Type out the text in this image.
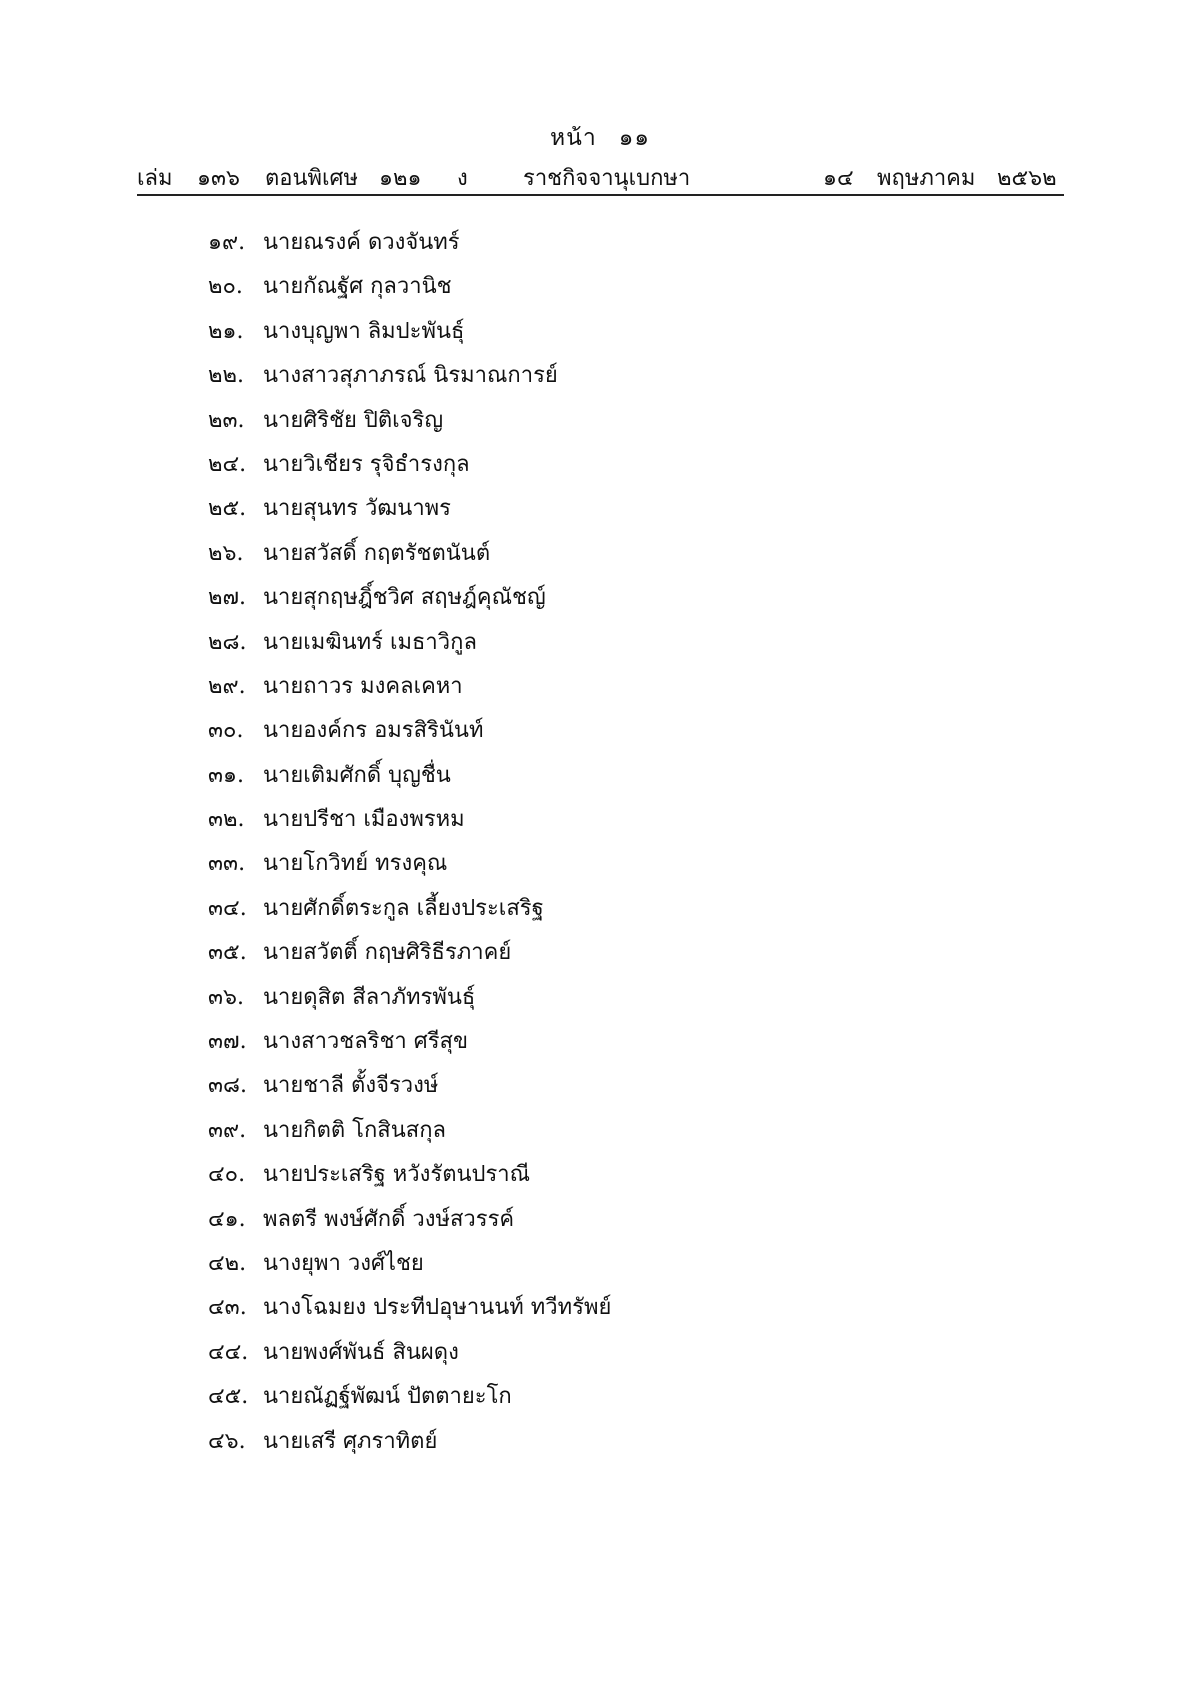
หน้า ๑๑
เล่ม ๑๓๖ ตอนพิเศษ ๑๒๑ ง	ราชกิจจานุเบกษา	๑๔ พฤษภาคม ๒๕๖๒
๑๙. นายณรงค์ ดวงจันทร์
๒๐. นายกัณฐัศ กุลวานิช
๒๑. นางบุญพา ลิมปะพันธุ์
๒๒. นางสาวสุภาภรณ์ นิรมาณการย์
๒๓. นายศิริชัย ปิติเจริญ
๒๔. นายวิเชียร รุจิธำรงกุล
๒๕. นายสุนทร วัฒนาพร
๒๖. นายสวัสดิ์ กฤตรัชตนันต์
๒๗. นายสุกฤษฎิ์ชวิศ สฤษฎ์คุณัชญ์
๒๘. นายเมฆินทร์ เมธาวิกูล
๒๙. นายถาวร มงคลเคหา
๓๐. นายองค์กร อมรสิรินันท์
๓๑. นายเติมศักดิ์ บุญชื่น
๓๒. นายปรีชา เมืองพรหม
๓๓. นายโกวิทย์ ทรงคุณ
๓๔. นายศักดิ์ตระกูล เลี้ยงประเสริฐ
๓๕. นายสวัตติ์ กฤษศิริธีรภาคย์
๓๖. นายดุสิต สีลาภัทรพันธุ์
๓๗. นางสาวชลริชา ศรีสุข
๓๘. นายชาลี ตั้งจีรวงษ์
๓๙. นายกิตติ โกสินสกุล
๔๐. นายประเสริฐ หวังรัตนปราณี
๔๑. พลตรี พงษ์ศักดิ์ วงษ์สวรรค์
๔๒. นางยุพา วงศ์ไชย
๔๓. นางโฉมยง ประทีปอุษานนท์ ทวีทรัพย์
๔๔. นายพงศ์พันธ์ สินผดุง
๔๕. นายณัฏฐ์พัฒน์ ปัตตายะโก
๔๖. นายเสรี ศุภราทิตย์
